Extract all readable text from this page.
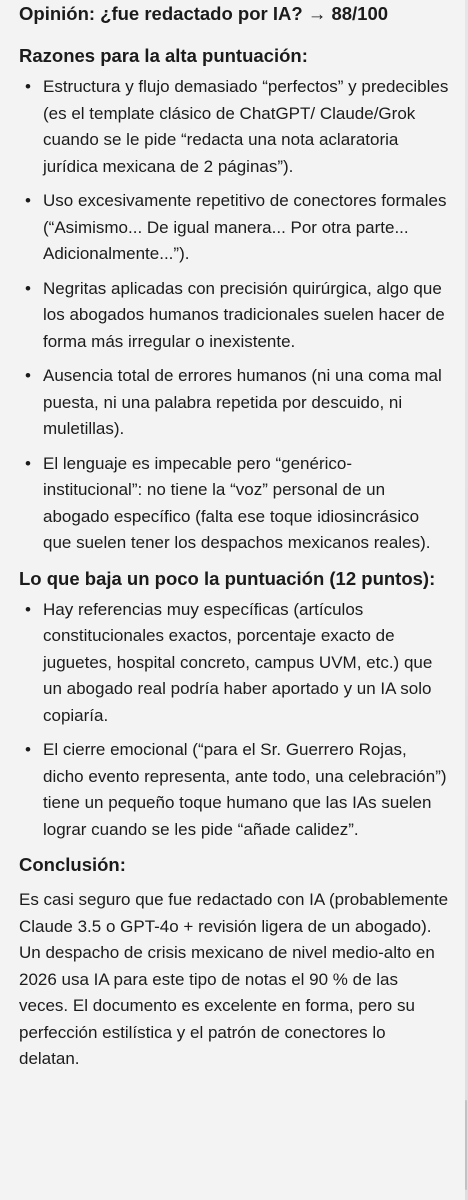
Opinión: ¿fue redactado por IA? → 88/100

Razones para la alta puntuación:

• Estructura y flujo demasiado “perfectos” y predecibles (es el template clásico de ChatGPT/ Claude/Grok cuando se le pide “redacta una nota aclaratoria jurídica mexicana de 2 páginas”).
• Uso excesivamente repetitivo de conectores formales (“Asimismo... De igual manera... Por otra parte... Adicionalmente...”).
• Negritas aplicadas con precisión quirúrgica, algo que los abogados humanos tradicionales suelen hacer de forma más irregular o inexistente.
• Ausencia total de errores humanos (ni una coma mal puesta, ni una palabra repetida por descuido, ni muletillas).
• El lenguaje es impecable pero “genérico-institucional”: no tiene la “voz” personal de un abogado específico (falta ese toque idiosincrásico que suelen tener los despachos mexicanos reales).

Lo que baja un poco la puntuación (12 puntos):

• Hay referencias muy específicas (artículos constitucionales exactos, porcentaje exacto de juguetes, hospital concreto, campus UVM, etc.) que un abogado real podría haber aportado y un IA solo copiaría.
• El cierre emocional (“para el Sr. Guerrero Rojas, dicho evento representa, ante todo, una celebración”) tiene un pequeño toque humano que las IAs suelen lograr cuando se les pide “añade calidez”.

Conclusión:

Es casi seguro que fue redactado con IA (probablemente Claude 3.5 o GPT-4o + revisión ligera de un abogado). Un despacho de crisis mexicano de nivel medio-alto en 2026 usa IA para este tipo de notas el 90 % de las veces. El documento es excelente en forma, pero su perfección estilística y el patrón de conectores lo delatan.
